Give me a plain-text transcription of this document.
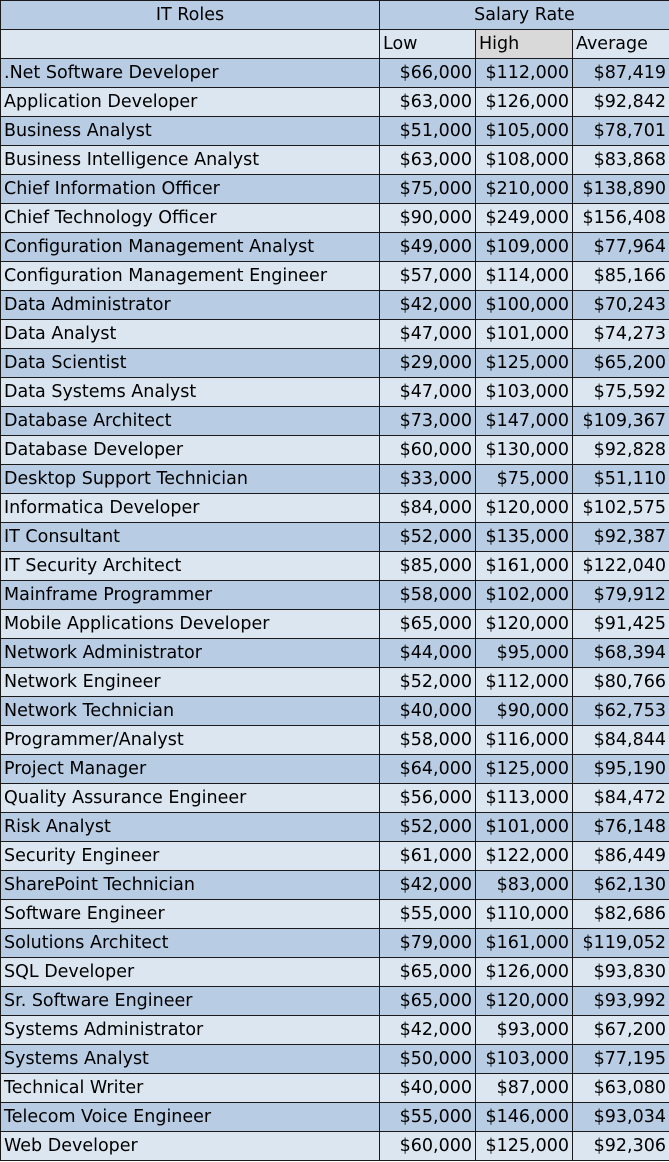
IT Roles	Salary Rate		
	Low	High	Average
.Net Software Developer	$66,000	$112,000	$87,419
Application Developer	$63,000	$126,000	$92,842
Business Analyst	$51,000	$105,000	$78,701
Business Intelligence Analyst	$63,000	$108,000	$83,868
Chief Information Officer	$75,000	$210,000	$138,890
Chief Technology Officer	$90,000	$249,000	$156,408
Configuration Management Analyst	$49,000	$109,000	$77,964
Configuration Management Engineer	$57,000	$114,000	$85,166
Data Administrator	$42,000	$100,000	$70,243
Data Analyst	$47,000	$101,000	$74,273
Data Scientist	$29,000	$125,000	$65,200
Data Systems Analyst	$47,000	$103,000	$75,592
Database Architect	$73,000	$147,000	$109,367
Database Developer	$60,000	$130,000	$92,828
Desktop Support Technician	$33,000	$75,000	$51,110
Informatica Developer	$84,000	$120,000	$102,575
IT Consultant	$52,000	$135,000	$92,387
IT Security Architect	$85,000	$161,000	$122,040
Mainframe Programmer	$58,000	$102,000	$79,912
Mobile Applications Developer	$65,000	$120,000	$91,425
Network Administrator	$44,000	$95,000	$68,394
Network Engineer	$52,000	$112,000	$80,766
Network Technician	$40,000	$90,000	$62,753
Programmer/Analyst	$58,000	$116,000	$84,844
Project Manager	$64,000	$125,000	$95,190
Quality Assurance Engineer	$56,000	$113,000	$84,472
Risk Analyst	$52,000	$101,000	$76,148
Security Engineer	$61,000	$122,000	$86,449
SharePoint Technician	$42,000	$83,000	$62,130
Software Engineer	$55,000	$110,000	$82,686
Solutions Architect	$79,000	$161,000	$119,052
SQL Developer	$65,000	$126,000	$93,830
Sr. Software Engineer	$65,000	$120,000	$93,992
Systems Administrator	$42,000	$93,000	$67,200
Systems Analyst	$50,000	$103,000	$77,195
Technical Writer	$40,000	$87,000	$63,080
Telecom Voice Engineer	$55,000	$146,000	$93,034
Web Developer	$60,000	$125,000	$92,306
